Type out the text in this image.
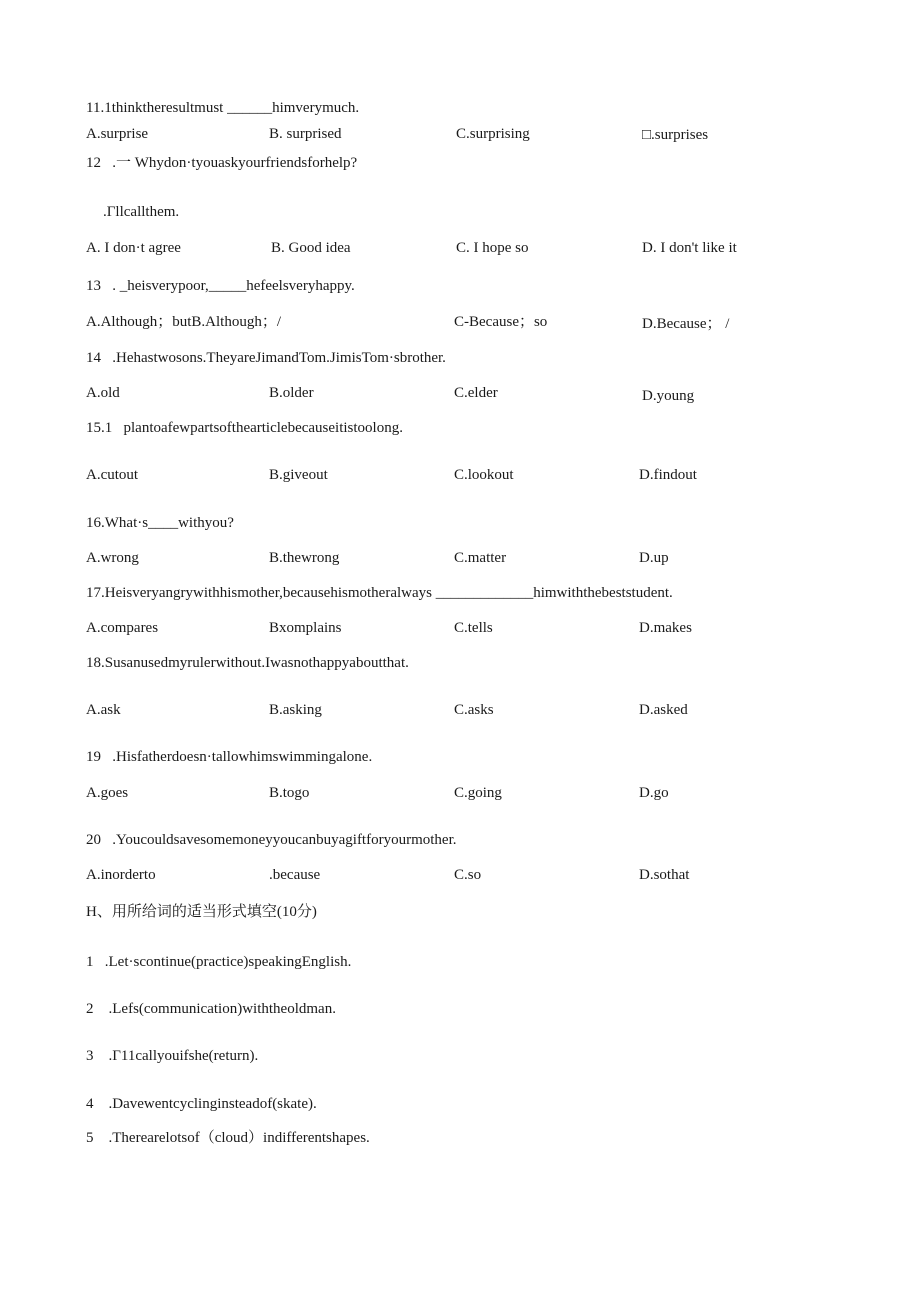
11.1thinktheresultmust ______himverymuch.
A.surprise	B. surprised	C.surprising	□.surprises
12   .一 Whydon·tyouaskyourfriendsforhelp?
.Гllcallthem.
A. I don·t agree	B. Good idea	C. I hope so	D. I don't like it
13   . _heisverypoor,_____hefeelsveryhappy.
A.Although；butB.Although；/	C-Because；so	D.Because； /
14   .Hehastwosons.TheyareJimandTom.JimisTom·sbrother.
A.old	B.older	C.elder	D.young
15.1   plantoafewpartsofthearticlebecauseitistoolong.
A.cutout	B.giveout	C.lookout	D.findout
16.What·s____withyou?
A.wrong	B.thewrong	C.matter	D.up
17.Heisveryangrywithhismother,becausehismotheralways _____________himwiththebeststudent.
A.compares	Bxomplains	C.tells	D.makes
18.Susanusedmyrulerwithout.Iwasnothappyaboutthat.
A.ask	B.asking	C.asks	D.asked
19   .Hisfatherdoesn·tallowhimswimmingalone.
A.goes	B.togo	C.going	D.go
20   .Youcouldsavesomemoneyyoucanbuyagiftforyourmother.
A.inorderto	.because	C.so	D.sothat
H、用所给词的适当形式填空(10分)
1   .Let·scontinue(practice)speakingEnglish.
2    .Lefs(communication)withtheoldman.
3    .Г11callyouifshe(return).
4    .Davewentcyclinginsteadof(skate).
5    .Therearelotsof（cloud）indifferentshapes.
